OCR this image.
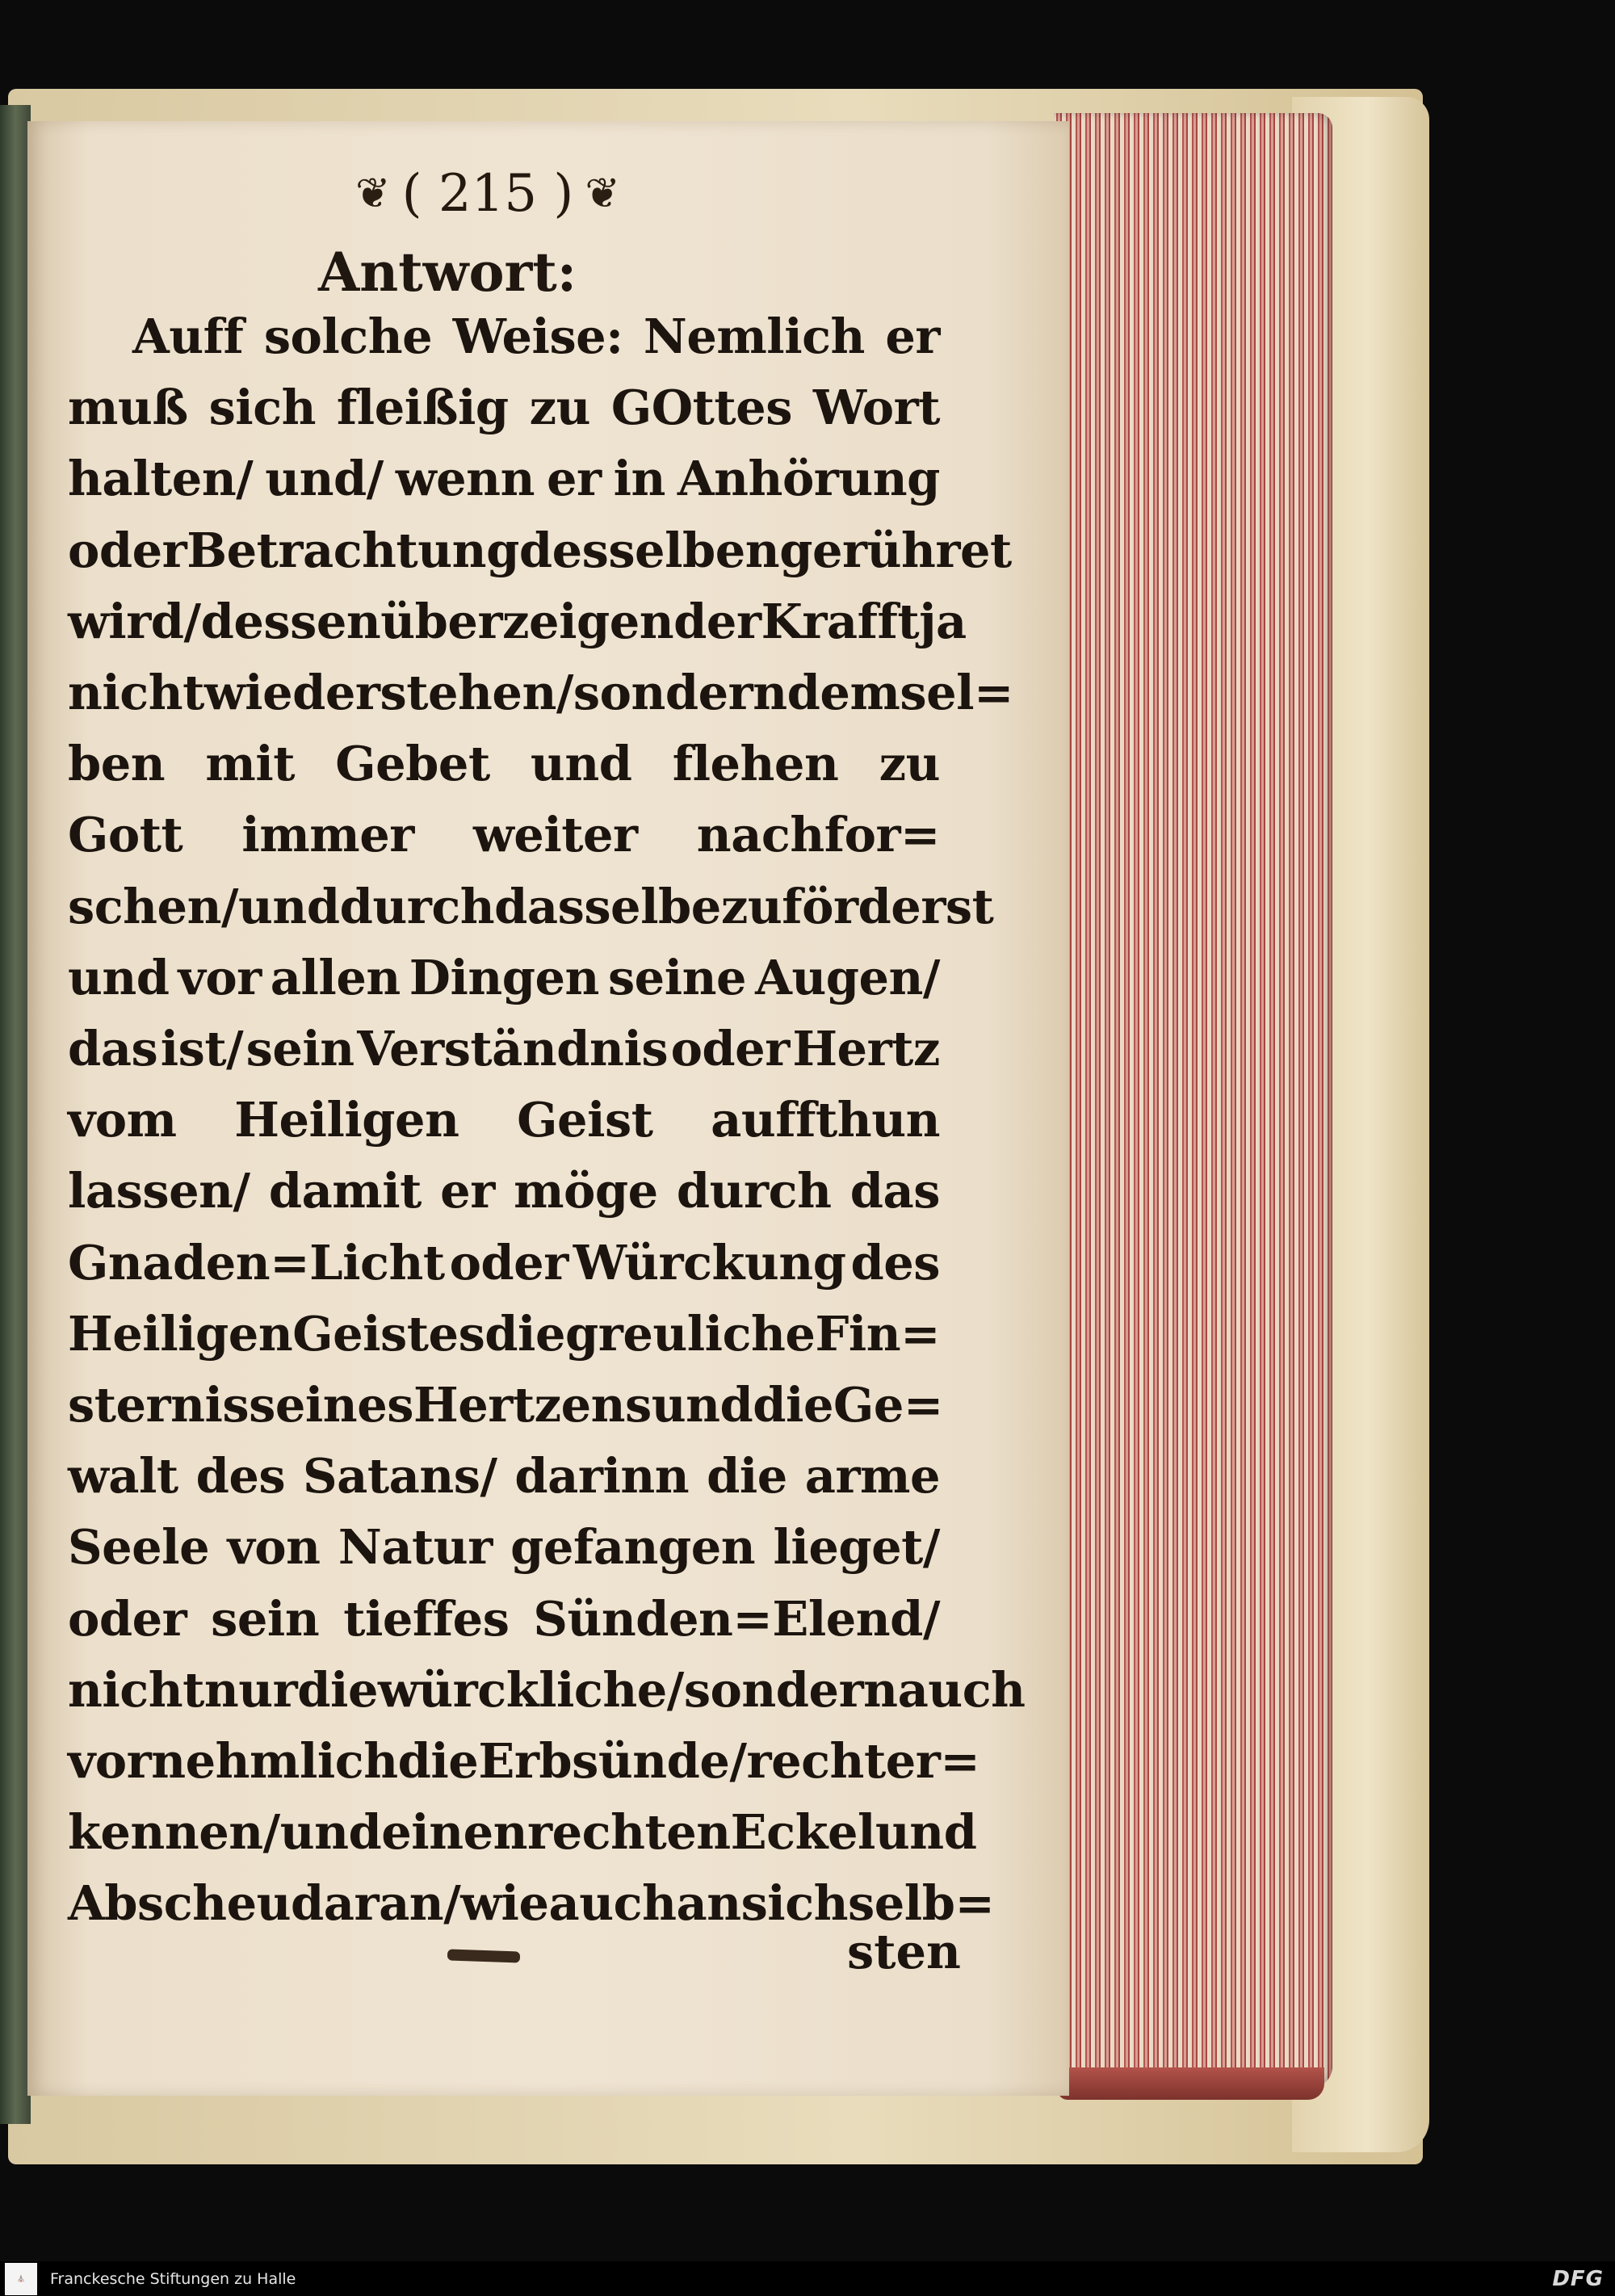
❦ ( 215 ) ❦
Antwort:
Auff solche Weise: Nemlich er
muß sich fleißig zu GOttes Wort
halten/ und/ wenn er in Anhörung
oder Betrachtung desselben gerühret
wird/ dessen überzeigender Krafft ja
nicht wiederstehen/ sondern demsel=
ben mit Gebet und flehen zu
Gott immer weiter nachfor=
schen/ und durch dasselbe zuförderst
und vor allen Dingen seine Augen/
das ist/ sein Verständnis oder Hertz
vom Heiligen Geist auffthun
lassen/ damit er möge durch das
Gnaden=Licht oder Würckung des
Heiligen Geistes die greuliche Fin=
sternis seines Hertzens und die Ge=
walt des Satans/ darinn die arme
Seele von Natur gefangen lieget/
oder sein tieffes Sünden=Elend/
nicht nur die würckliche/ sondern auch
vornehmlich die Erbsünde/ recht er=
kennen/ und einen rechten Eckel und
Abscheu daran/ wie auch an sich selb=
sten
⛪	Franckesche Stiftungen zu Halle	DFG
